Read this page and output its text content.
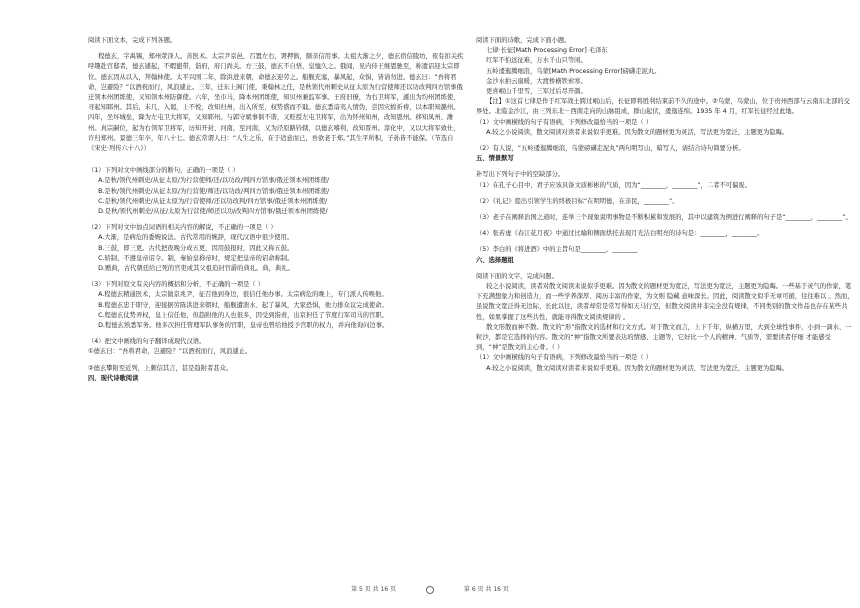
阅读下面文本，完成下列各题。

程德玄，字禹锡，郑州荥泽人。善医术。太宗尹京邑，召置左右，署押衙，颇亲信用事。太祖大渐之夕，德玄宿信陵坊，夜有扣关疾呼趣赴宫邸者，德玄遽起，不暇盥带，诣府，府门尚关。方三鼓，德玄不自悟，皇恤久之。俄闻，见内侍王继恩驰至，称遗诏迎太宗即位。德玄因从以入，拜翰林使。太平兴国二年，除洪进来朝，命德玄迎劳之。船舰充塞，暴风起，众惧，皆请勿进。德玄曰：“吾将君命，岂避险？”以酒祝而行，风浪遽止。三年，迁东上阁门使，秉翰林之任，是秋领代州刺史从征太原为行营使师还以功改判四方馆事俄迁领本州团练使，又知领本州防御使。六年，坐市马，降本州团练使，知贝州兼监军事。王府旧僚，为右卫将军，遽出为均州团练使，寻起知郓州。其后，未几，入谒，上不悦，改知归州，出入所至，权势盛而不戢。德玄悉谙夷人情伪，尝因灾蝗祈祷，以本职知潞州。四年，坐坏城垒，降为左屯卫大将军，又知郓州。与郭守斌事俱不谐，又贬授左屯卫将军，出为怀州知州，改知恩州。移知凤州、潍州。真宗嗣位，起为右领军卫将军，历知开封、河南，至河南，又为泾原路钤辖，以德玄嗜利，改知晋州。淳化中，又以大将军致仕，许归郑州。景德三年卒，年八十七。德玄常谓人曰：“人生之乐，在于适意而已，吾欲老于郑。”其生平所积，子孙皆不能保。（节选自《宋史·列传六十八》）

（1）下列对文中画线部分的断句，正确的一项是（ ）

A.是秋/领代州刺史/从征太原/为行营使师/还/以功改/判四方馆事/俄迁领本州团练使/

B.是秋/领代州刺史/从征太原/为行营使/师还/以功改/判四方馆事/俄迁领本州团练使/

C.是秋/领代州刺史/从征太原为/行营使师/还以功改判/四方馆事/俄迁领本州团练使/

D.是秋/领代州刺史/从征/太原为行营使/师还以功/改判四方馆事/俄迁领本州团练使/

（2）下列对文中加点词语的相关内容的解说，不正确的一项是（ ）

A.大渐，是病危的委婉说法。古代常用的婉辞，现代汉语中很少使用。

B.三鼓，即三更。古代把夜晚分成五更，因用鼓报时，因此又称五鼓。

C.轿制，不遵皇帝诏令。制，秦始皇称帝时，规定把皇帝的诏命称制。

D.赠典，古代朝廷给已死的官吏或其父祖追封官爵的典礼。典，典礼。

（3）下列对原文有关内容的概括和分析，不正确的一项是（ ）

A.程德玄精通医术，太宗做京兆尹，征召他到身边，很信任他办事。太宗病危的晚上，专门派人传唤他。

B.程德玄忠于职守，迎接据劳陈洪进来朝时，船舰遭溃水、起了暴风，大家恐惧，他力排众议完成使命。

C.程德玄仗势弄权，皇上信任他，但趋附他的人也很多，因受到指责，出京担任了节度行军司马的官职。

D.程德玄熟悉军务。他多次担任管理军队事务的官职，皇帝也曾给他授予宫职的权力，并向他询问边事。

（4）把文中画线的句子翻译成现代汉语。

①德玄曰：“吾将君命，岂避险？”以酒祝而行，风浪遽止。

②德玄攀附至近列，上颇信其言，甚是趋附者甚众。

四、现代诗歌阅读

阅读下面的诗歌，完成下面小题。

七律·长征[Math Processing Error] 毛泽东

红军不怕远征难，万水千山只等闲。

五岭逶迤腾细浪，乌蒙[Math Processing Error]磅礴走泥丸。

金沙水拍云崖暖，大渡桥横铁索寒。

更喜岷山千里雪，三军过后尽开颜。

【注】①这首七律是作于红军战士跨过岷山后，长征即将胜利结束前不久的途中。②乌蒙，乌蒙山，位于贵州西部与云南东北部的交界处。北临金沙江，由三列东北－西南走向的山脉组成，群山起伏，逶迤连绵。1935 年 4 月，红军长征经过此地。

（1）文中画横线的句子有语病，下列修改最恰当的一项是（ ）

A.较之小说阅读，散文阅读对读者来说似乎更难。因为散文的题材更为灵活，写法更为宽泛，主题更为隐晦。

（2）有人说，“五岭逶迤腾细浪，乌蒙磅礴走泥丸”两句明写山，暗写人，请结合诗句简要分析。

五、情景默写

补写出下列句子中的空缺部分。

（1）在孔子心目中，君子应该具备文质彬彬的气质，因为“________，________”，二者不可偏废。

（2）《礼记》提出引领学生的终极目标“在明明德，在亲民，________”。

（3）老子在阐释治国之道时，连举三个现象说明事物是不断积累和发展的，其中以建筑为例进行阐释的句子是“________，________”。

（4）张若虚《春江花月夜》中通过比喻和侧面烘托表现月光洁白明亮的诗句是：________，________。

（5）李白的《将进酒》中的主旨句是________，________

六、选择题组

阅读下面的文字，完成问题。

较之小说阅读，读者对散文阅读来说似乎更难。因为散文的题材更为宽泛，写法更为宽泛，主题更为隐晦。一些基于灵气的作家，笔下充满想象力和创造力，而一些学养深厚、阅历丰富的作家，为文则 隐藏 意味深长。因此，阅读散文似乎无章可循，往往难以 。然而，虽说散文宽泛得无边际，长此以往，读者却常是常写得如天马行空，但散文阅读并非完全没有规律，不同类别的散文作品也存在某些共性，如果掌握了这些共性，就能寻得散文阅读规律的 。

散文形散而神不散。散文的“形”指散文的选材和行文方式。对于散文而言，上下千年，纵横万里，大到全球性事件，小到一滴水、一粒沙，都是它选择的内容。散文的“神”指散文所要表达的情感、主题等，它好比一个人的精神、气质等，需要读者仔细 才能感受到，“神”是散文的主心骨。（ ）

（1）文中画横线的句子有语病，下列修改最恰当的一项是（ ）

A.较之小说阅读，散文阅读对读者来说似乎更难。因为散文的题材更为灵活，写法更为宽泛，主题更为隐晦。

第 5 页 共 16 页	第 6 页 共 16 页
